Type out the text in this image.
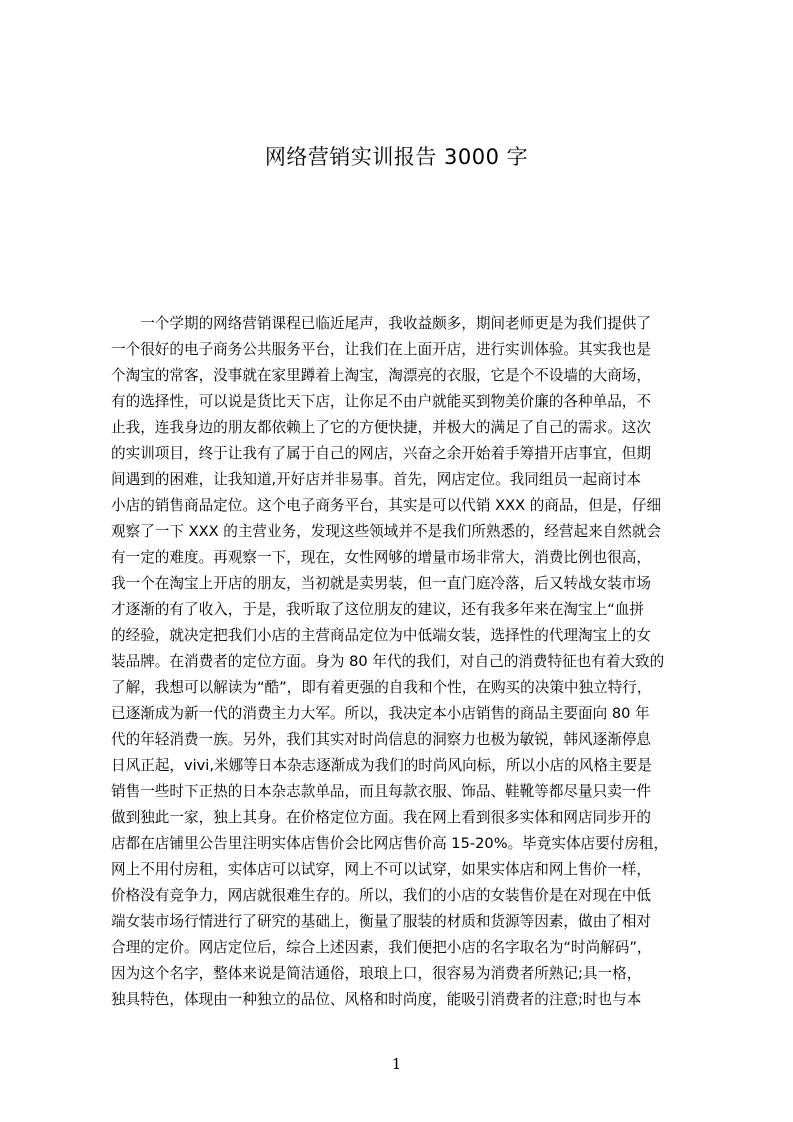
网络营销实训报告 3000 字
　　一个学期的网络营销课程已临近尾声，我收益颇多，期间老师更是为我们提供了
一个很好的电子商务公共服务平台，让我们在上面开店，进行实训体验。其实我也是
个淘宝的常客，没事就在家里蹲着上淘宝，淘漂亮的衣服，它是个不设墙的大商场，
有的选择性，可以说是货比天下店，让你足不由户就能买到物美价廉的各种单品，不
止我，连我身边的朋友都依赖上了它的方便快捷，并极大的满足了自己的需求。这次
的实训项目，终于让我有了属于自己的网店，兴奋之余开始着手筹措开店事宜，但期
间遇到的困难，让我知道,开好店并非易事。首先，网店定位。我同组员一起商讨本
小店的销售商品定位。这个电子商务平台，其实是可以代销 XXX 的商品，但是，仔细
观察了一下 XXX 的主营业务，发现这些领域并不是我们所熟悉的，经营起来自然就会
有一定的难度。再观察一下，现在，女性网够的增量市场非常大，消费比例也很高，
我一个在淘宝上开店的朋友，当初就是卖男装，但一直门庭冷落，后又转战女装市场
才逐渐的有了收入，于是，我听取了这位朋友的建议，还有我多年来在淘宝上“血拼
的经验，就决定把我们小店的主营商品定位为中低端女装，选择性的代理淘宝上的女
装品牌。在消费者的定位方面。身为 80 年代的我们，对自己的消费特征也有着大致的
了解，我想可以解读为“酷”，即有着更强的自我和个性，在购买的决策中独立特行，
已逐渐成为新一代的消费主力大军。所以，我决定本小店销售的商品主要面向 80 年
代的年轻消费一族。另外，我们其实对时尚信息的洞察力也极为敏锐，韩风逐渐停息
日风正起，vivi,米娜等日本杂志逐渐成为我们的时尚风向标，所以小店的风格主要是
销售一些时下正热的日本杂志款单品，而且每款衣服、饰品、鞋靴等都尽量只卖一件
做到独此一家，独上其身。在价格定位方面。我在网上看到很多实体和网店同步开的
店都在店铺里公告里注明实体店售价会比网店售价高 15-20%。毕竟实体店要付房租，
网上不用付房租，实体店可以试穿，网上不可以试穿，如果实体店和网上售价一样，
价格没有竞争力，网店就很难生存的。所以，我们的小店的女装售价是在对现在中低
端女装市场行情进行了研究的基础上，衡量了服装的材质和货源等因素，做由了相对
合理的定价。网店定位后，综合上述因素，我们便把小店的名字取名为“时尚解码”，
因为这个名字，整体来说是简洁通俗，琅琅上口，很容易为消费者所熟记;具一格，
独具特色，体现由一种独立的品位、风格和时尚度，能吸引消费者的注意;时也与本
1
